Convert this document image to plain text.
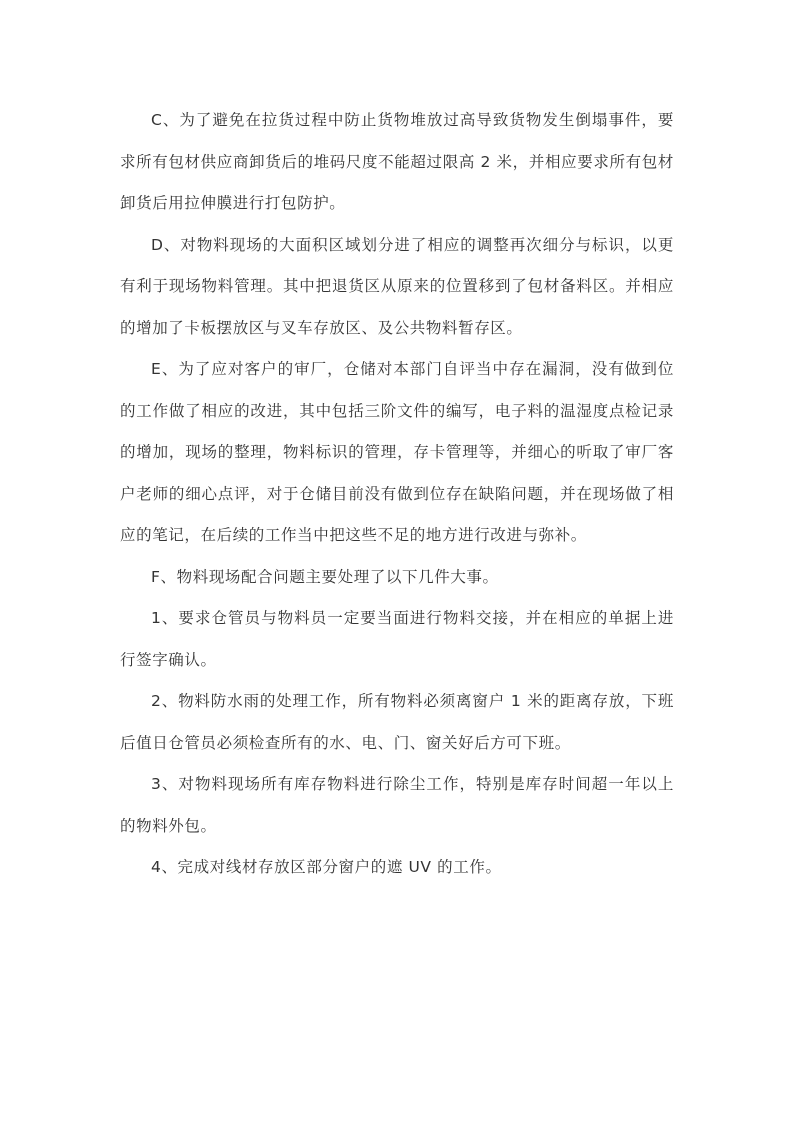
C、为了避免在拉货过程中防止货物堆放过高导致货物发生倒塌事件，要求所有包材供应商卸货后的堆码尺度不能超过限高 2 米，并相应要求所有包材卸货后用拉伸膜进行打包防护。

D、对物料现场的大面积区域划分进了相应的调整再次细分与标识，以更有利于现场物料管理。其中把退货区从原来的位置移到了包材备料区。并相应的增加了卡板摆放区与叉车存放区、及公共物料暂存区。

E、为了应对客户的审厂，仓储对本部门自评当中存在漏洞，没有做到位的工作做了相应的改进，其中包括三阶文件的编写，电子料的温湿度点检记录的增加，现场的整理，物料标识的管理，存卡管理等，并细心的听取了审厂客户老师的细心点评，对于仓储目前没有做到位存在缺陷问题，并在现场做了相应的笔记，在后续的工作当中把这些不足的地方进行改进与弥补。

F、物料现场配合问题主要处理了以下几件大事。

1、要求仓管员与物料员一定要当面进行物料交接，并在相应的单据上进行签字确认。

2、物料防水雨的处理工作，所有物料必须离窗户 1 米的距离存放，下班后值日仓管员必须检查所有的水、电、门、窗关好后方可下班。

3、对物料现场所有库存物料进行除尘工作，特别是库存时间超一年以上的物料外包。

4、完成对线材存放区部分窗户的遮 UV 的工作。
